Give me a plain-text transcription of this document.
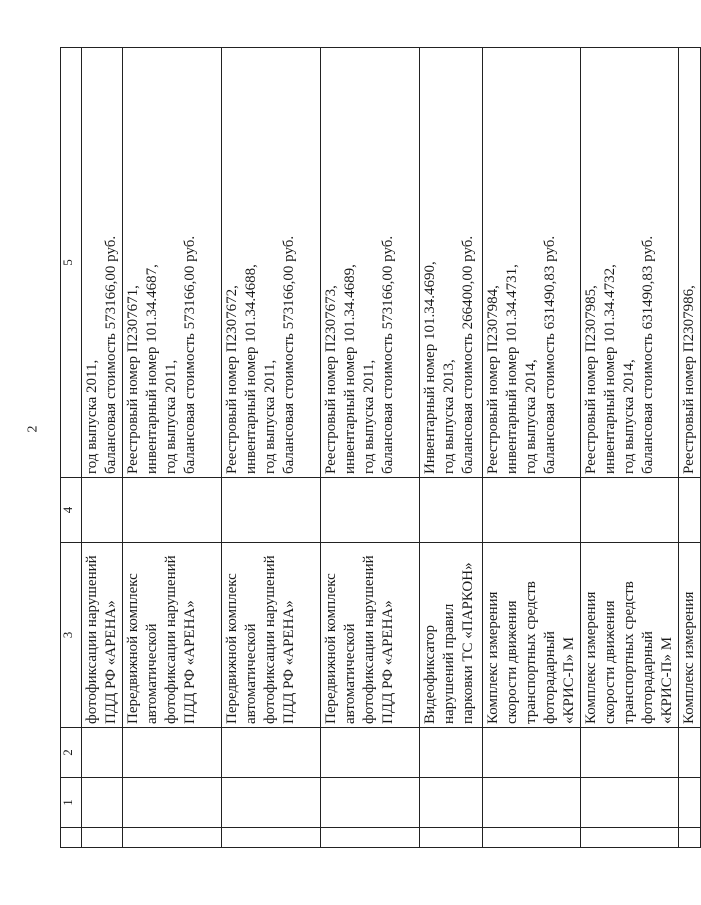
2
	1	2	3	4	5

			фотофиксации нарушений ПДД РФ «АРЕНА»		год выпуска 2011, балансовая стоимость 573166,00 руб.

			Передвижной комплекс автоматической фотофиксации нарушений ПДД РФ «АРЕНА»		Реестровый номер П2307671, инвентарный номер 101.34.4687, год выпуска 2011, балансовая стоимость 573166,00 руб.

			Передвижной комплекс автоматической фотофиксации нарушений ПДД РФ «АРЕНА»		Реестровый номер П2307672, инвентарный номер 101.34.4688, год выпуска 2011, балансовая стоимость 573166,00 руб.

			Передвижной комплекс автоматической фотофиксации нарушений ПДД РФ «АРЕНА»		Реестровый номер П2307673, инвентарный номер 101.34.4689, год выпуска 2011, балансовая стоимость 573166,00 руб.

			Видеофиксатор нарушений правил парковки ТС «ПАРКОН»		Инвентарный номер 101.34.4690, год выпуска 2013, балансовая стоимость 266400,00 руб.

			Комплекс измерения скорости движения транспортных средств фоторадарный «КРИС-П» М		Реестровый номер П2307984, инвентарный номер 101.34.4731, год выпуска 2014, балансовая стоимость 631490,83 руб.

			Комплекс измерения скорости движения транспортных средств фоторадарный «КРИС-П» М		Реестровый номер П2307985, инвентарный номер 101.34.4732, год выпуска 2014, балансовая стоимость 631490,83 руб.

			Комплекс измерения		Реестровый номер П2307986,
